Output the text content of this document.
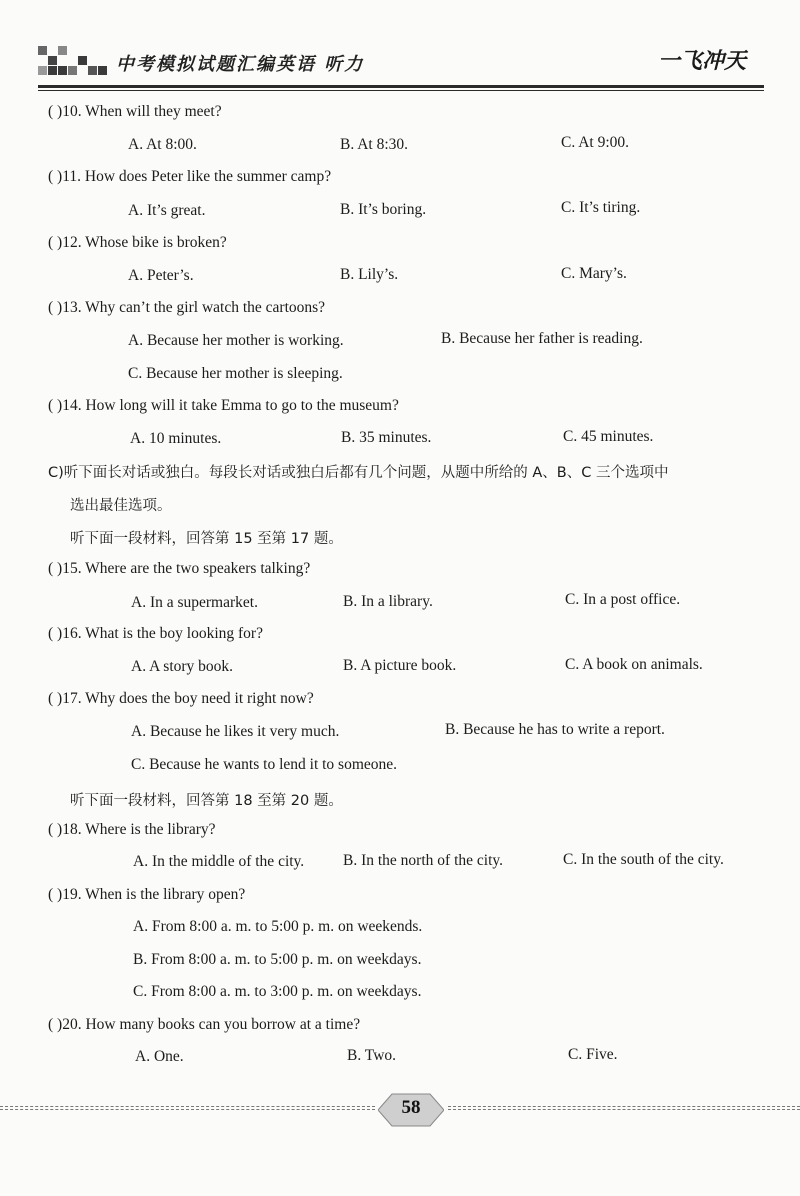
中考模拟试题汇编英语 听力	一飞冲天
( )10. When will they meet?
A. At 8:00.	B. At 8:30.	C. At 9:00.
( )11. How does Peter like the summer camp?
A. It’s great.	B. It’s boring.	C. It’s tiring.
( )12. Whose bike is broken?
A. Peter’s.	B. Lily’s.	C. Mary’s.
( )13. Why can’t the girl watch the cartoons?
A. Because her mother is working.	B. Because her father is reading.
C. Because her mother is sleeping.
( )14. How long will it take Emma to go to the museum?
A. 10 minutes.	B. 35 minutes.	C. 45 minutes.
C)听下面长对话或独白。每段长对话或独白后都有几个问题，从题中所给的 A、B、C 三个选项中
选出最佳选项。
听下面一段材料，回答第 15 至第 17 题。
( )15. Where are the two speakers talking?
A. In a supermarket.	B. In a library.	C. In a post office.
( )16. What is the boy looking for?
A. A story book.	B. A picture book.	C. A book on animals.
( )17. Why does the boy need it right now?
A. Because he likes it very much.	B. Because he has to write a report.
C. Because he wants to lend it to someone.
听下面一段材料，回答第 18 至第 20 题。
( )18. Where is the library?
A. In the middle of the city.	B. In the north of the city.	C. In the south of the city.
( )19. When is the library open?
A. From 8:00 a. m. to 5:00 p. m. on weekends.
B. From 8:00 a. m. to 5:00 p. m. on weekdays.
C. From 8:00 a. m. to 3:00 p. m. on weekdays.
( )20. How many books can you borrow at a time?
A. One.	B. Two.	C. Five.
58
